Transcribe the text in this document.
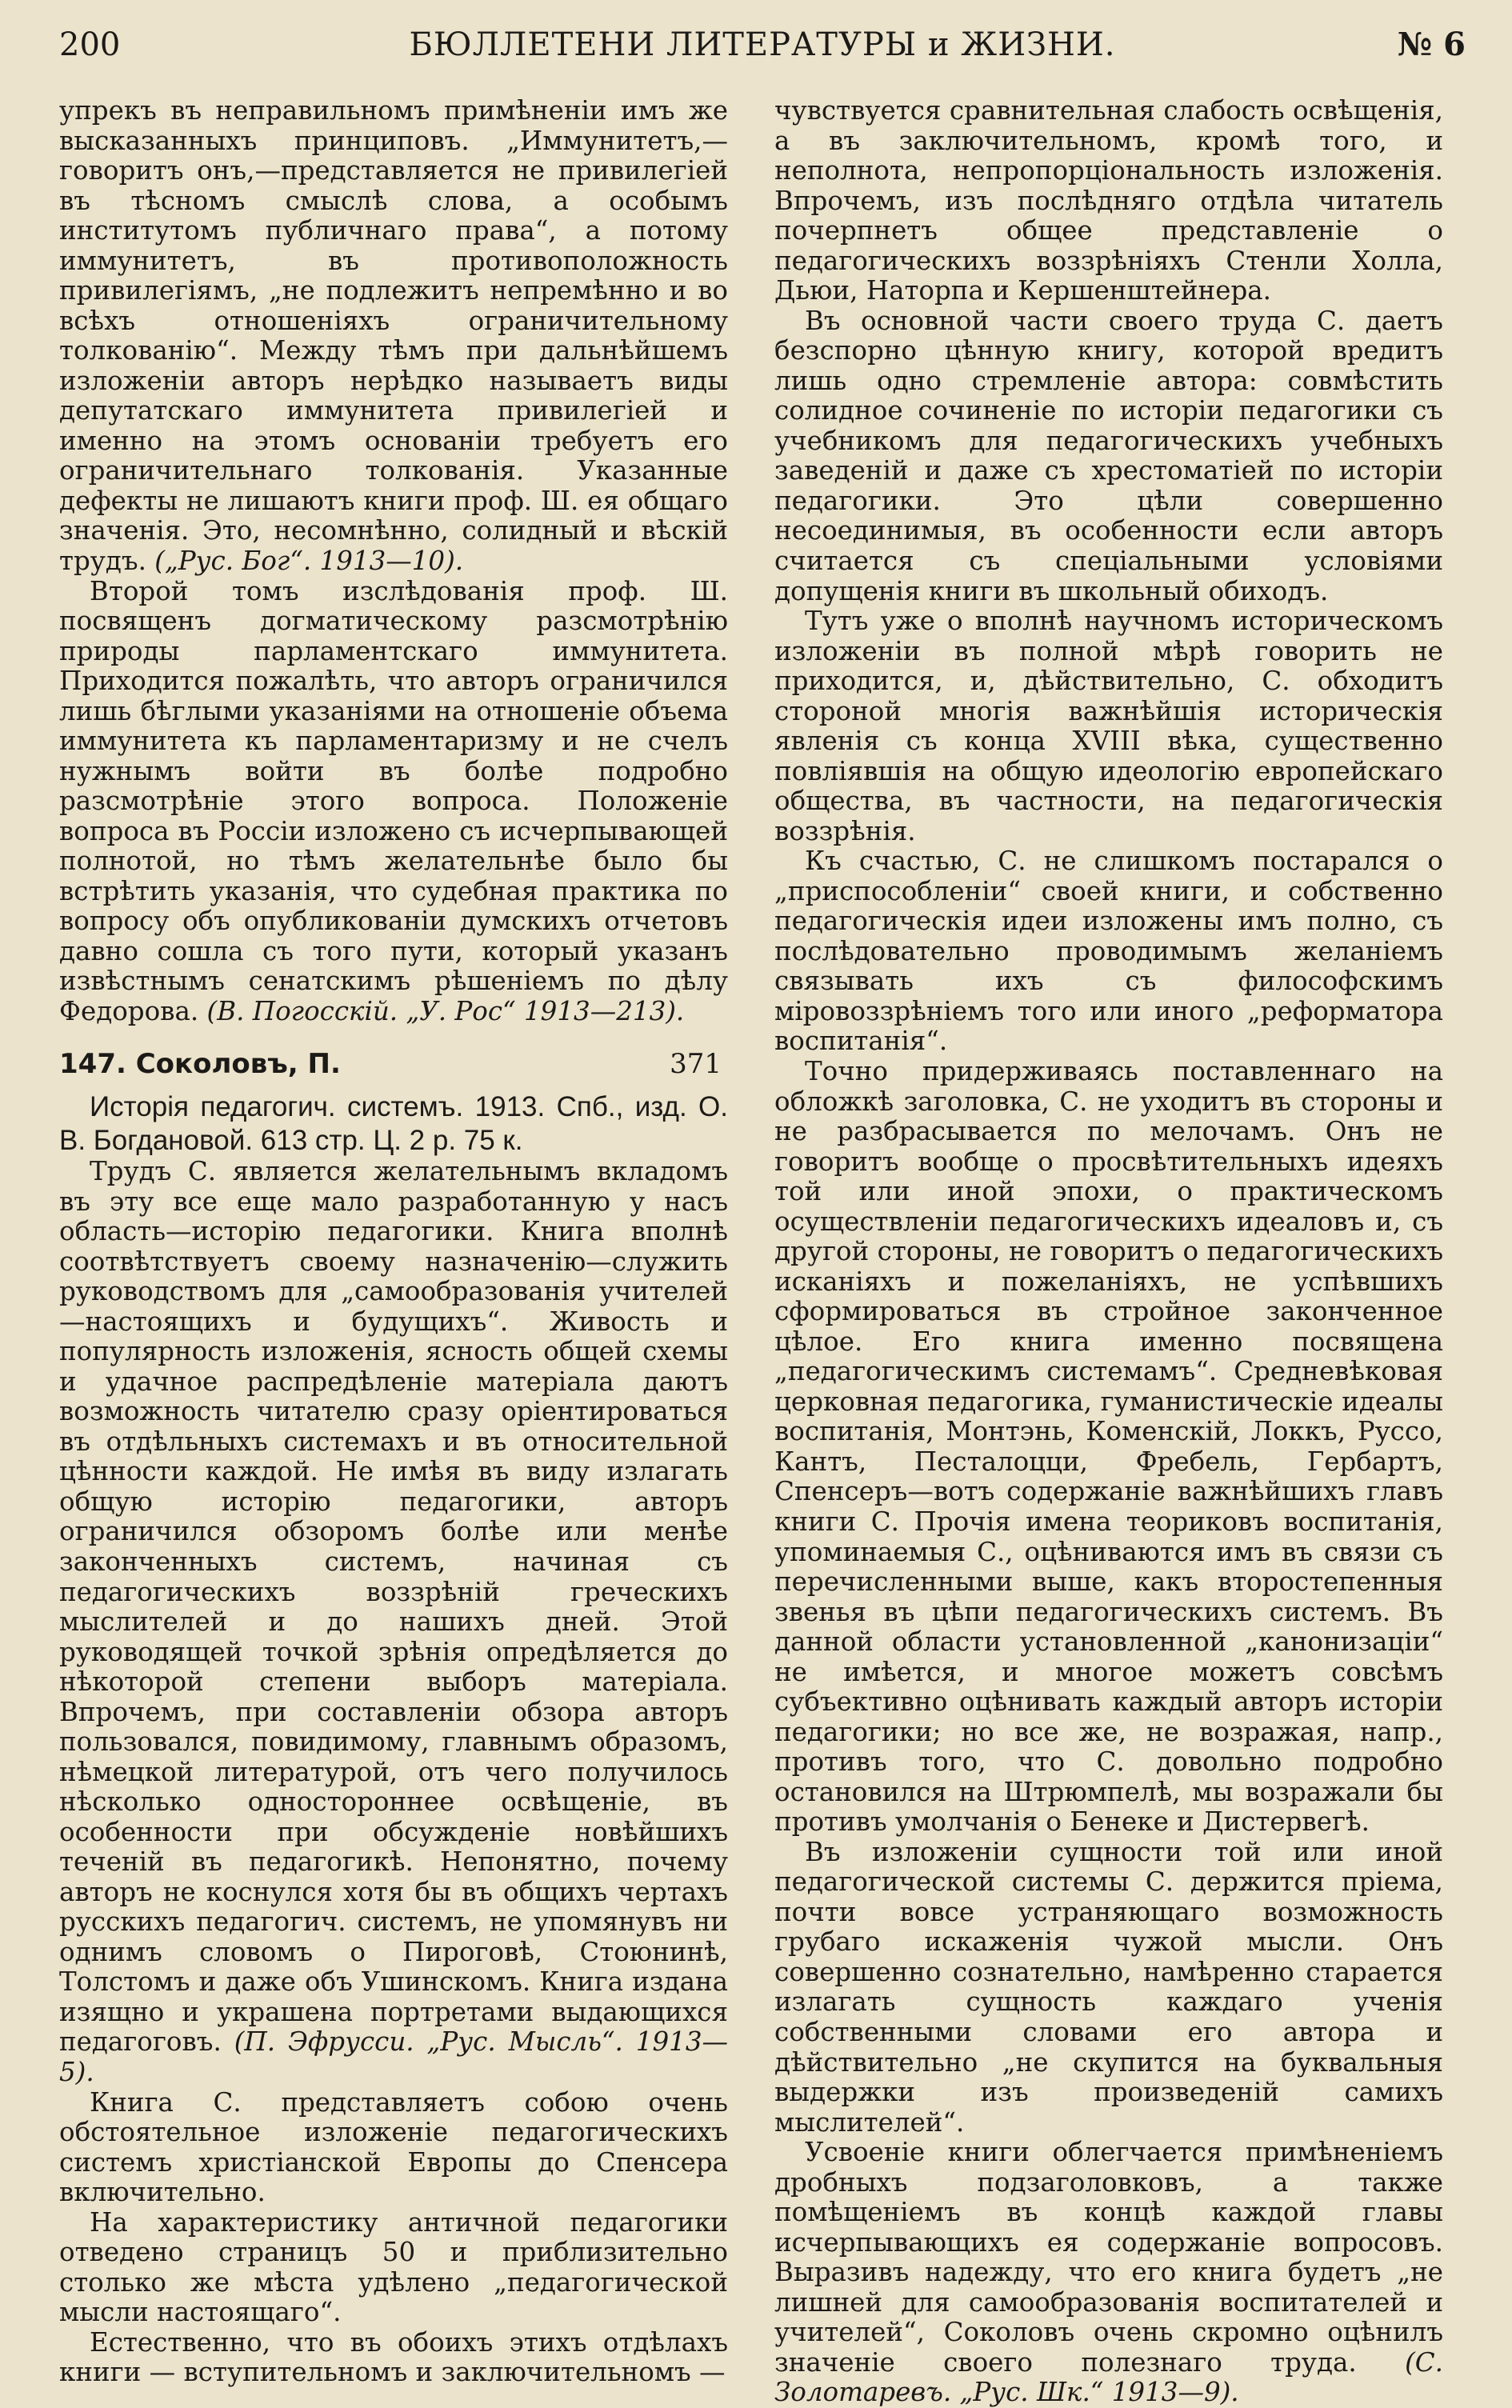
200	БЮЛЛЕТЕНИ ЛИТЕРАТУРЫ и ЖИЗНИ.	№ 6

упрекъ въ неправильномъ примѣненіи имъ же высказанныхъ принциповъ. „Иммунитетъ,—говоритъ онъ,—представляется не привилегіей въ тѣсномъ смыслѣ слова, а особымъ институтомъ публичнаго права“, а потому иммунитетъ, въ противоположность привилегіямъ, „не подлежитъ непремѣнно и во всѣхъ отношеніяхъ ограничительному толкованію“. Между тѣмъ при дальнѣйшемъ изложеніи авторъ нерѣдко называетъ виды депутатскаго иммунитета привилегіей и именно на этомъ основаніи требуетъ его ограничительнаго толкованія. Указанные дефекты не лишаютъ книги проф. Ш. ея общаго значенія. Это, несомнѣнно, солидный и вѣскій трудъ. („Рус. Бог“. 1913—10).

Второй томъ изслѣдованія проф. Ш. посвященъ догматическому разсмотрѣнію природы парламентскаго иммунитета. Приходится пожалѣть, что авторъ ограничился лишь бѣглыми указаніями на отношеніе объема иммунитета къ парламентаризму и не счелъ нужнымъ войти въ болѣе подробно разсмотрѣніе этого вопроса. Положеніе вопроса въ Россіи изложено съ исчерпывающей полнотой, но тѣмъ желательнѣе было бы встрѣтить указанія, что судебная практика по вопросу объ опубликованіи думскихъ отчетовъ давно сошла съ того пути, который указанъ извѣстнымъ сенатскимъ рѣшеніемъ по дѣлу Федорова. (В. Погосскій. „У. Рос“ 1913—213).

147. Соколовъ, П.	371

Исторія педагогич. системъ. 1913. Спб., изд. О. В. Богдановой. 613 стр. Ц. 2 р. 75 к.

Трудъ С. является желательнымъ вкладомъ въ эту все еще мало разработанную у насъ область—исторію педагогики. Книга вполнѣ соотвѣтствуетъ своему назначенію—служить руководствомъ для „самообразованія учителей —настоящихъ и будущихъ“. Живость и популярность изложенія, ясность общей схемы и удачное распредѣленіе матеріала даютъ возможность читателю сразу оріентироваться въ отдѣльныхъ системахъ и въ относительной цѣнности каждой. Не имѣя въ виду излагать общую исторію педагогики, авторъ ограничился обзоромъ болѣе или менѣе законченныхъ системъ, начиная съ педагогическихъ воззрѣній греческихъ мыслителей и до нашихъ дней. Этой руководящей точкой зрѣнія опредѣляется до нѣкоторой степени выборъ матеріала. Впрочемъ, при составленіи обзора авторъ пользовался, повидимому, главнымъ образомъ, нѣмецкой литературой, отъ чего получилось нѣсколько одностороннее освѣщеніе, въ особенности при обсужденіе новѣйшихъ теченій въ педагогикѣ. Непонятно, почему авторъ не коснулся хотя бы въ общихъ чертахъ русскихъ педагогич. системъ, не упомянувъ ни однимъ словомъ о Пироговѣ, Стоюнинѣ, Толстомъ и даже объ Ушинскомъ. Книга издана изящно и украшена портретами выдающихся педагоговъ. (П. Эфрусси. „Рус. Мысль“. 1913—5).

Книга С. представляетъ собою очень обстоятельное изложеніе педагогическихъ системъ христіанской Европы до Спенсера включительно.

На характеристику античной педагогики отведено страницъ 50 и приблизительно столько же мѣста удѣлено „педагогической мысли настоящаго“.

Естественно, что въ обоихъ этихъ отдѣлахъ книги — вступительномъ и заключительномъ —

чувствуется сравнительная слабость освѣщенія, а въ заключительномъ, кромѣ того, и неполнота, непропорціональность изложенія. Впрочемъ, изъ послѣдняго отдѣла читатель почерпнетъ общее представленіе о педагогическихъ воззрѣніяхъ Стенли Холла, Дьюи, Наторпа и Кершенштейнера.

Въ основной части своего труда С. даетъ безспорно цѣнную книгу, которой вредитъ лишь одно стремленіе автора: совмѣстить солидное сочиненіе по исторіи педагогики съ учебникомъ для педагогическихъ учебныхъ заведеній и даже съ хрестоматіей по исторіи педагогики. Это цѣли совершенно несоединимыя, въ особенности если авторъ считается съ спеціальными условіями допущенія книги въ школьный обиходъ.

Тутъ уже о вполнѣ научномъ историческомъ изложеніи въ полной мѣрѣ говорить не приходится, и, дѣйствительно, С. обходитъ стороной многія важнѣйшія историческія явленія съ конца XVIII вѣка, существенно повліявшія на общую идеологію европейскаго общества, въ частности, на педагогическія воззрѣнія.

Къ счастью, С. не слишкомъ постарался о „приспособленіи“ своей книги, и собственно педагогическія идеи изложены имъ полно, съ послѣдовательно проводимымъ желаніемъ связывать ихъ съ философскимъ міровоззрѣніемъ того или иного „реформатора воспитанія“.

Точно придерживаясь поставленнаго на обложкѣ заголовка, С. не уходитъ въ стороны и не разбрасывается по мелочамъ. Онъ не говоритъ вообще о просвѣтительныхъ идеяхъ той или иной эпохи, о практическомъ осуществленіи педагогическихъ идеаловъ и, съ другой стороны, не говоритъ о педагогическихъ исканіяхъ и пожеланіяхъ, не успѣвшихъ сформироваться въ стройное законченное цѣлое. Его книга именно посвящена „педагогическимъ системамъ“. Средневѣковая церковная педагогика, гуманистическіе идеалы воспитанія, Монтэнь, Коменскій, Локкъ, Руссо, Кантъ, Песталоцци, Фребель, Гербартъ, Спенсеръ—вотъ содержаніе важнѣйшихъ главъ книги С. Прочія имена теориковъ воспитанія, упоминаемыя С., оцѣниваются имъ въ связи съ перечисленными выше, какъ второстепенныя звенья въ цѣпи педагогическихъ системъ. Въ данной области установленной „канонизаціи“ не имѣется, и многое можетъ совсѣмъ субъективно оцѣнивать каждый авторъ исторіи педагогики; но все же, не возражая, напр., противъ того, что С. довольно подробно остановился на Штрюмпелѣ, мы возражали бы противъ умолчанія о Бенеке и Дистервегѣ.

Въ изложеніи сущности той или иной педагогической системы С. держится пріема, почти вовсе устраняющаго возможность грубаго искаженія чужой мысли. Онъ совершенно сознательно, намѣренно старается излагать сущность каждаго ученія собственными словами его автора и дѣйствительно „не скупится на буквальныя выдержки изъ произведеній самихъ мыслителей“.

Усвоеніе книги облегчается примѣненіемъ дробныхъ подзаголовковъ, а также помѣщеніемъ въ концѣ каждой главы исчерпывающихъ ея содержаніе вопросовъ. Выразивъ надежду, что его книга будетъ „не лишней для самообразованія воспитателей и учителей“, Соколовъ очень скромно оцѣнилъ значеніе своего полезнаго труда. (С. Золотаревъ. „Рус. Шк.“ 1913—9).
